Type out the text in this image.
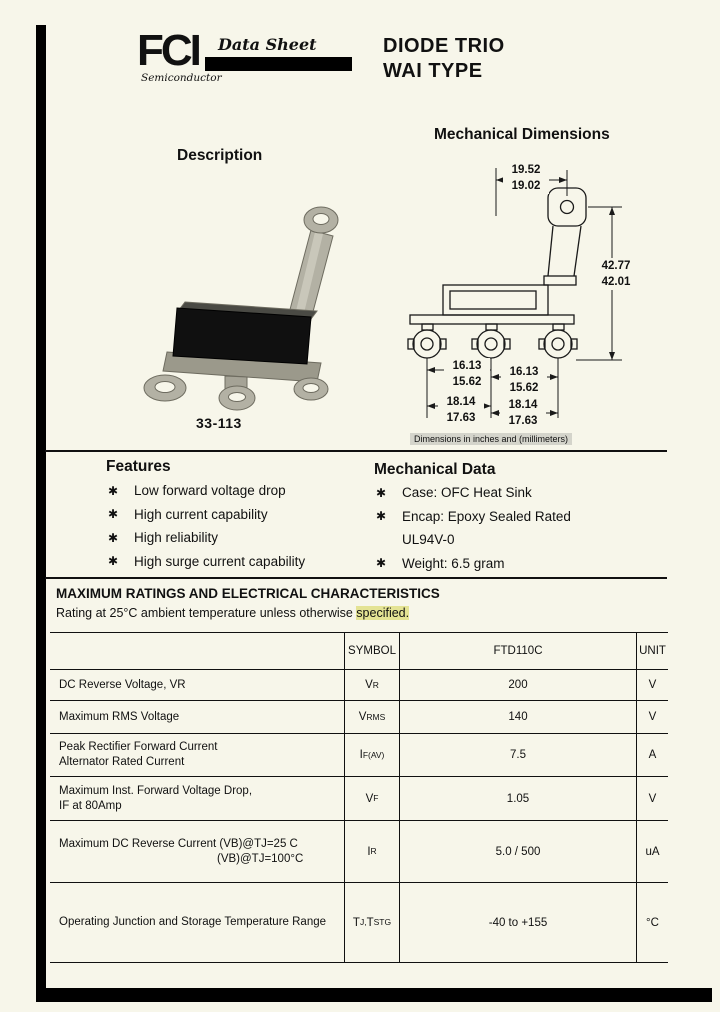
FCI
Semiconductor
Data Sheet	DIODE TRIO
WAI TYPE
Mechanical Dimensions
Description
33-113
19.52
19.02
42.77
42.01
16.13
15.62
16.13
15.62
18.14
17.63
18.14
17.63
Dimensions in inches and (millimeters)
Features
✱	Low forward voltage drop
✱	High current capability
✱	High reliability
✱	High surge current capability
Mechanical Data
✱	Case: OFC Heat Sink
✱	Encap: Epoxy Sealed Rated
UL94V-0
✱	Weight: 6.5 gram
MAXIMUM RATINGS AND ELECTRICAL CHARACTERISTICS
Rating at 25°C ambient temperature unless otherwise specified.
SYMBOL	FTD110C	UNIT
DC Reverse Voltage, VR	V R	200	V
Maximum RMS Voltage	V RMS	140	V
Peak Rectifier Forward Current
Alternator Rated Current
I F(AV)	7.5	A
Maximum Inst. Forward Voltage Drop,
IF at 80Amp
V F	1.05	V
Maximum DC Reverse Current (VB)@TJ=25 C
(VB)@TJ=100°C
I R	5.0 / 500	uA
Operating Junction and Storage Temperature Range	T J, T STG	-40 to +155	°C
